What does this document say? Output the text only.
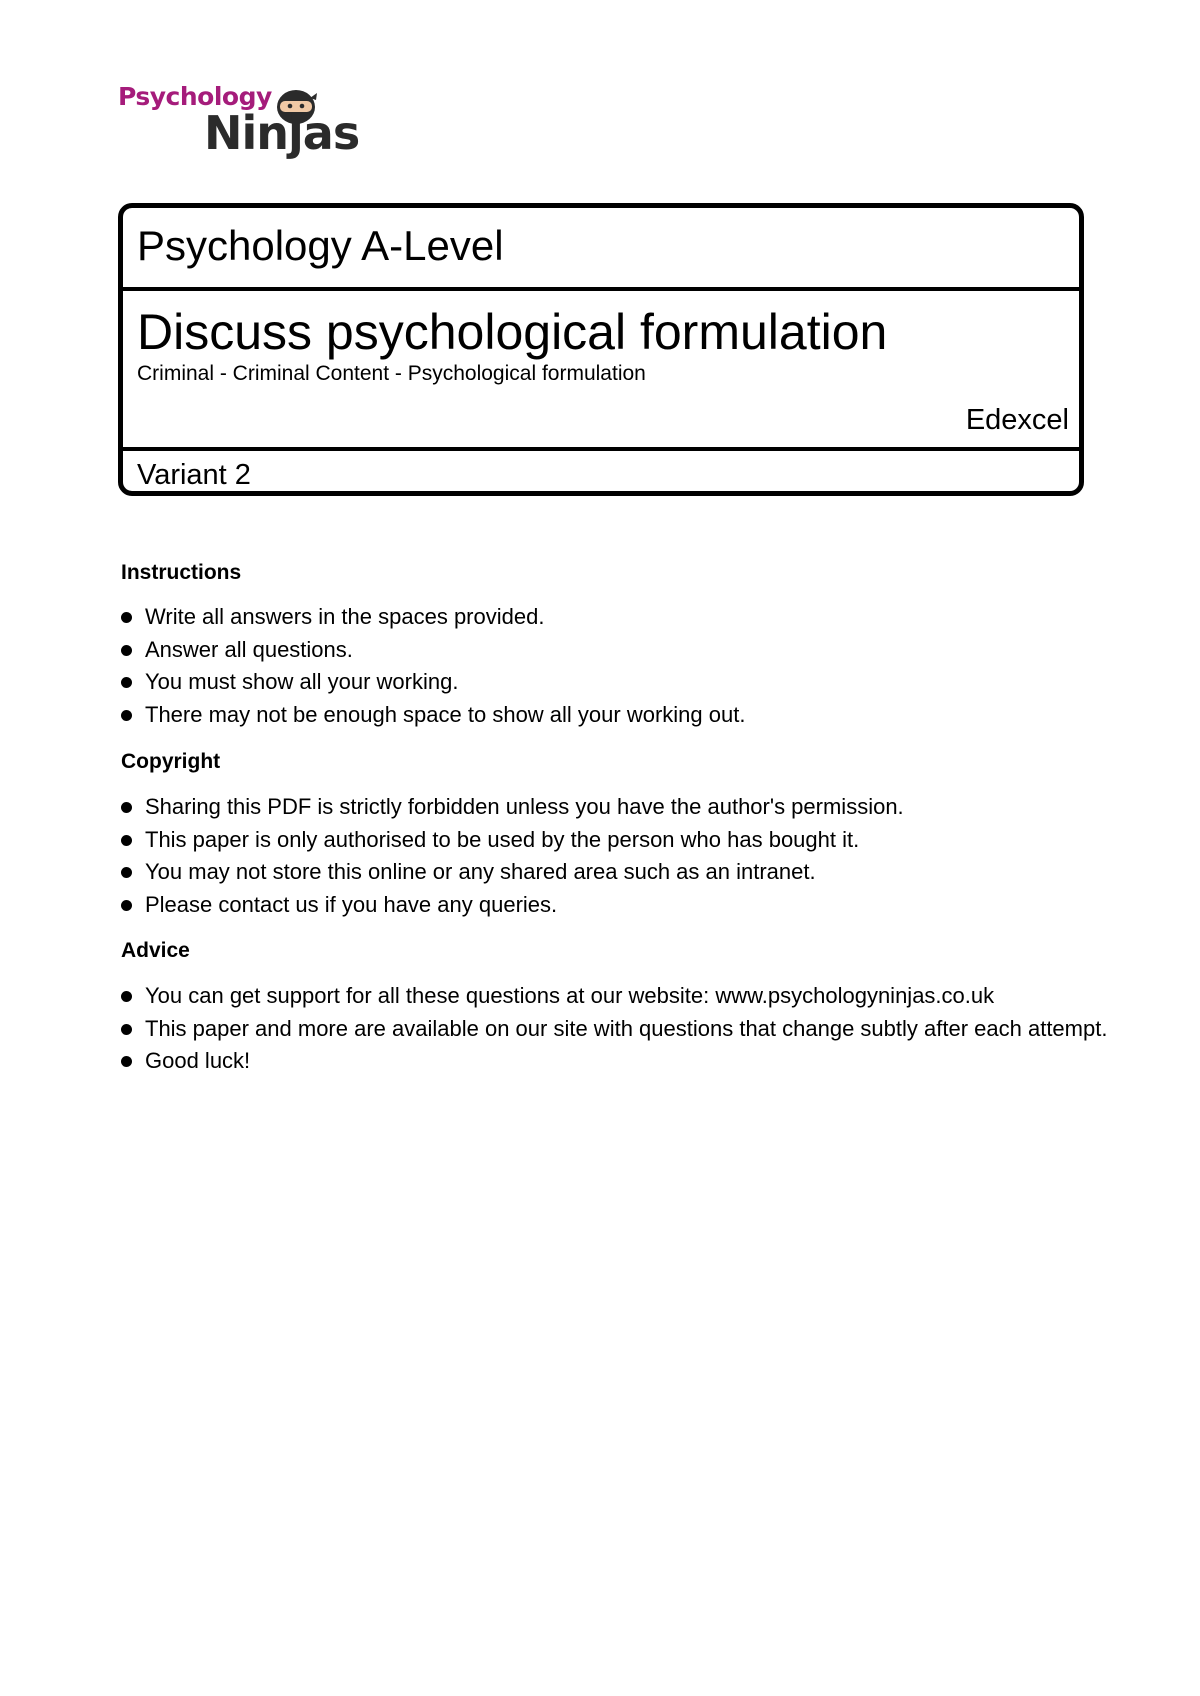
Psychology
Ninjas
Psychology A-Level
Discuss psychological formulation
Criminal - Criminal Content - Psychological formulation
Edexcel
Variant 2
Instructions
Write all answers in the spaces provided.
Answer all questions.
You must show all your working.
There may not be enough space to show all your working out.
Copyright
Sharing this PDF is strictly forbidden unless you have the author's permission.
This paper is only authorised to be used by the person who has bought it.
You may not store this online or any shared area such as an intranet.
Please contact us if you have any queries.
Advice
You can get support for all these questions at our website: www.psychologyninjas.co.uk
This paper and more are available on our site with questions that change subtly after each attempt.
Good luck!
